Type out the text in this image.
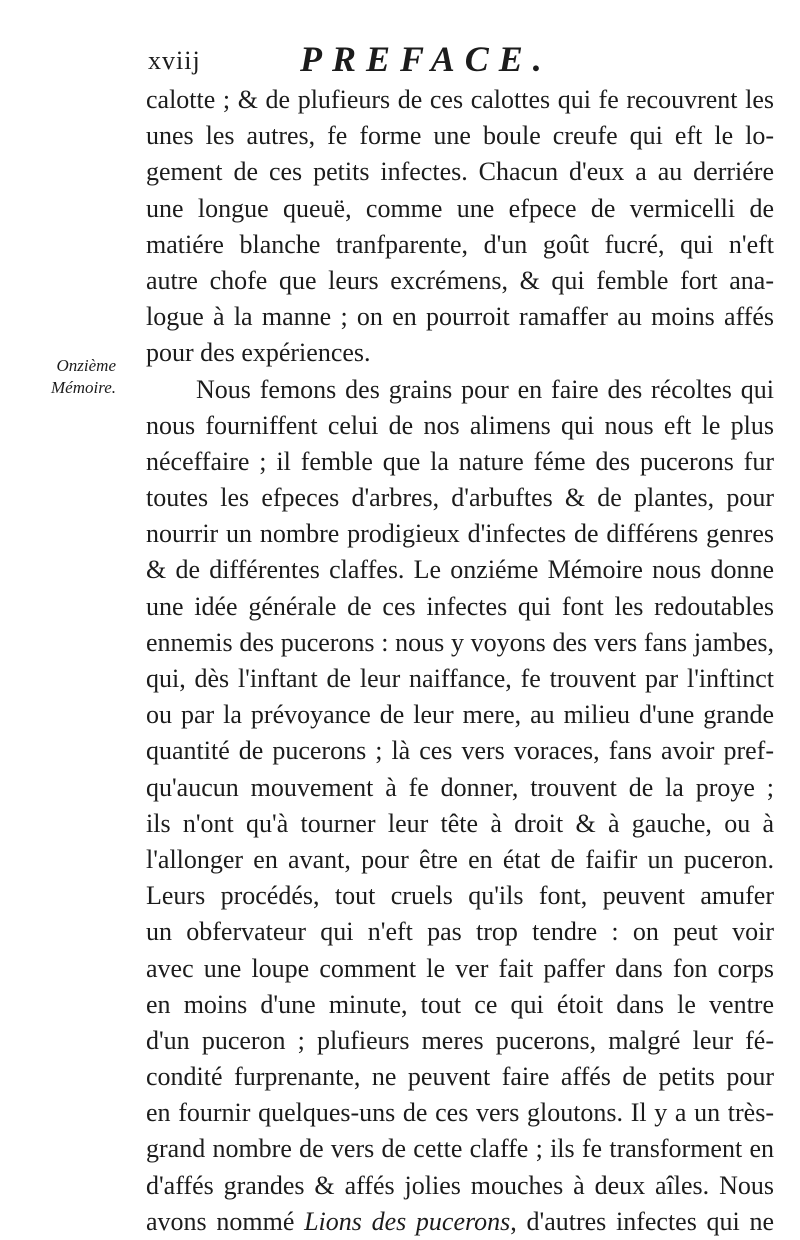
xviij	PREFACE.
Onzième
Mémoire.
calotte ; & de plufieurs de ces calottes qui fe recouvrent les
unes les autres, fe forme une boule creufe qui eft le lo-
gement de ces petits infectes. Chacun d'eux a au derriére
une longue queuë, comme une efpece de vermicelli de
matiére blanche tranfparente, d'un goût fucré, qui n'eft
autre chofe que leurs excrémens, & qui femble fort ana-
logue à la manne ; on en pourroit ramaffer au moins affés
pour des expériences.
Nous femons des grains pour en faire des récoltes qui
nous fourniffent celui de nos alimens qui nous eft le plus
néceffaire ; il femble que la nature féme des pucerons fur
toutes les efpeces d'arbres, d'arbuftes & de plantes, pour
nourrir un nombre prodigieux d'infectes de différens genres
& de différentes claffes. Le onziéme Mémoire nous donne
une idée générale de ces infectes qui font les redoutables
ennemis des pucerons : nous y voyons des vers fans jambes,
qui, dès l'inftant de leur naiffance, fe trouvent par l'inftinct
ou par la prévoyance de leur mere, au milieu d'une grande
quantité de pucerons ; là ces vers voraces, fans avoir pref-
qu'aucun mouvement à fe donner, trouvent de la proye ;
ils n'ont qu'à tourner leur tête à droit & à gauche, ou à
l'allonger en avant, pour être en état de faifir un puceron.
Leurs procédés, tout cruels qu'ils font, peuvent amufer
un obfervateur qui n'eft pas trop tendre : on peut voir
avec une loupe comment le ver fait paffer dans fon corps
en moins d'une minute, tout ce qui étoit dans le ventre
d'un puceron ; plufieurs meres pucerons, malgré leur fé-
condité furprenante, ne peuvent faire affés de petits pour
en fournir quelques-uns de ces vers gloutons. Il y a un très-
grand nombre de vers de cette claffe ; ils fe transforment en
d'affés grandes & affés jolies mouches à deux aîles. Nous
avons nommé Lions des pucerons, d'autres infectes qui ne
